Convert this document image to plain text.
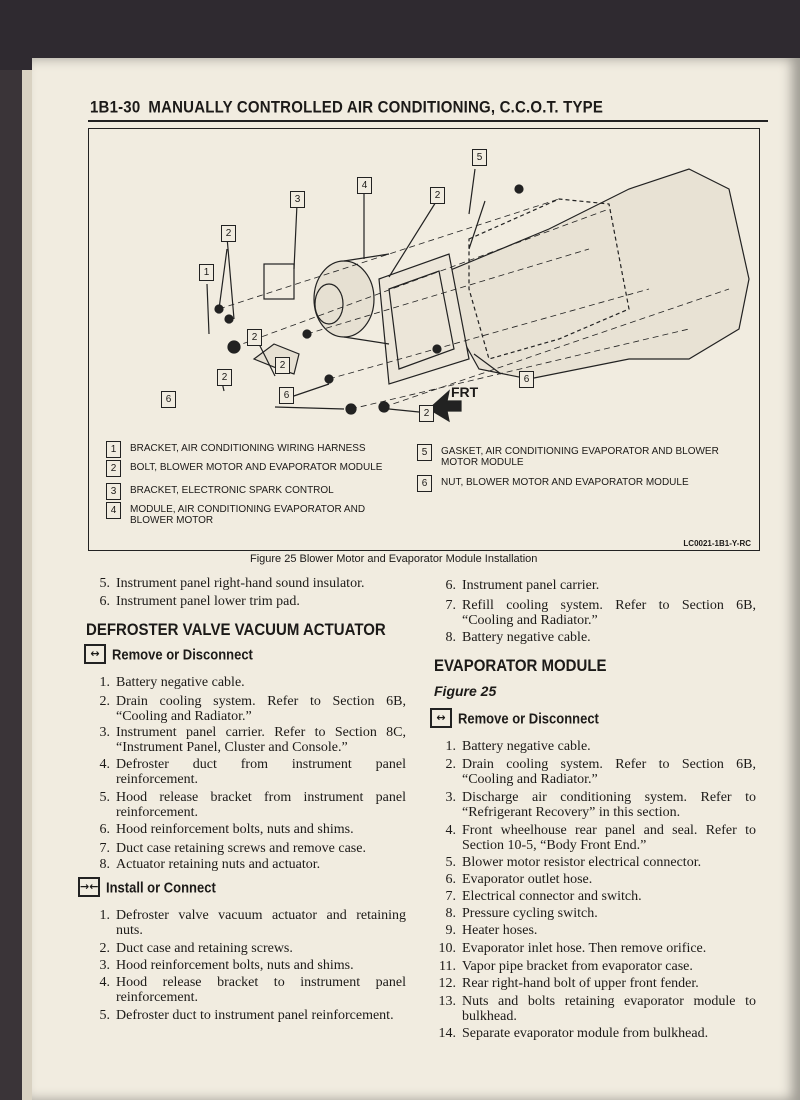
1B1-30 MANUALLY CONTROLLED AIR CONDITIONING, C.C.O.T. TYPE
1
2
2
2
2
2
3
4
5
6	6
6
FRT
2
1	BRACKET, AIR CONDITIONING WIRING HARNESS
2	BOLT, BLOWER MOTOR AND EVAPORATOR MODULE
3	BRACKET, ELECTRONIC SPARK CONTROL
4	MODULE, AIR CONDITIONING EVAPORATOR AND BLOWER MOTOR
5	GASKET, AIR CONDITIONING EVAPORATOR AND BLOWER MOTOR MODULE
6	NUT, BLOWER MOTOR AND EVAPORATOR MODULE
LC0021-1B1-Y-RC
Figure 25 Blower Motor and Evaporator Module Installation
5. Instrument panel right-hand sound insulator.
6. Instrument panel lower trim pad.
DEFROSTER VALVE VACUUM ACTUATOR
↔ Remove or Disconnect
1. Battery negative cable.
2. Drain cooling system. Refer to Section 6B, “Cooling and Radiator.”
3. Instrument panel carrier. Refer to Section 8C, “Instrument Panel, Cluster and Console.”
4. Defroster duct from instrument panel reinforcement.
5. Hood release bracket from instrument panel reinforcement.
6. Hood reinforcement bolts, nuts and shims.
7. Duct case retaining screws and remove case.
8. Actuator retaining nuts and actuator.
→← Install or Connect
1. Defroster valve vacuum actuator and retaining nuts.
2. Duct case and retaining screws.
3. Hood reinforcement bolts, nuts and shims.
4. Hood release bracket to instrument panel reinforcement.
5. Defroster duct to instrument panel reinforcement.
6. Instrument panel carrier.
7. Refill cooling system. Refer to Section 6B, “Cooling and Radiator.”
8. Battery negative cable.
EVAPORATOR MODULE
Figure 25
↔ Remove or Disconnect
1. Battery negative cable.
2. Drain cooling system. Refer to Section 6B, “Cooling and Radiator.”
3. Discharge air conditioning system. Refer to “Refrigerant Recovery” in this section.
4. Front wheelhouse rear panel and seal. Refer to Section 10-5, “Body Front End.”
5. Blower motor resistor electrical connector.
6. Evaporator outlet hose.
7. Electrical connector and switch.
8. Pressure cycling switch.
9. Heater hoses.
10. Evaporator inlet hose. Then remove orifice.
11. Vapor pipe bracket from evaporator case.
12. Rear right-hand bolt of upper front fender.
13. Nuts and bolts retaining evaporator module to bulkhead.
14. Separate evaporator module from bulkhead.
